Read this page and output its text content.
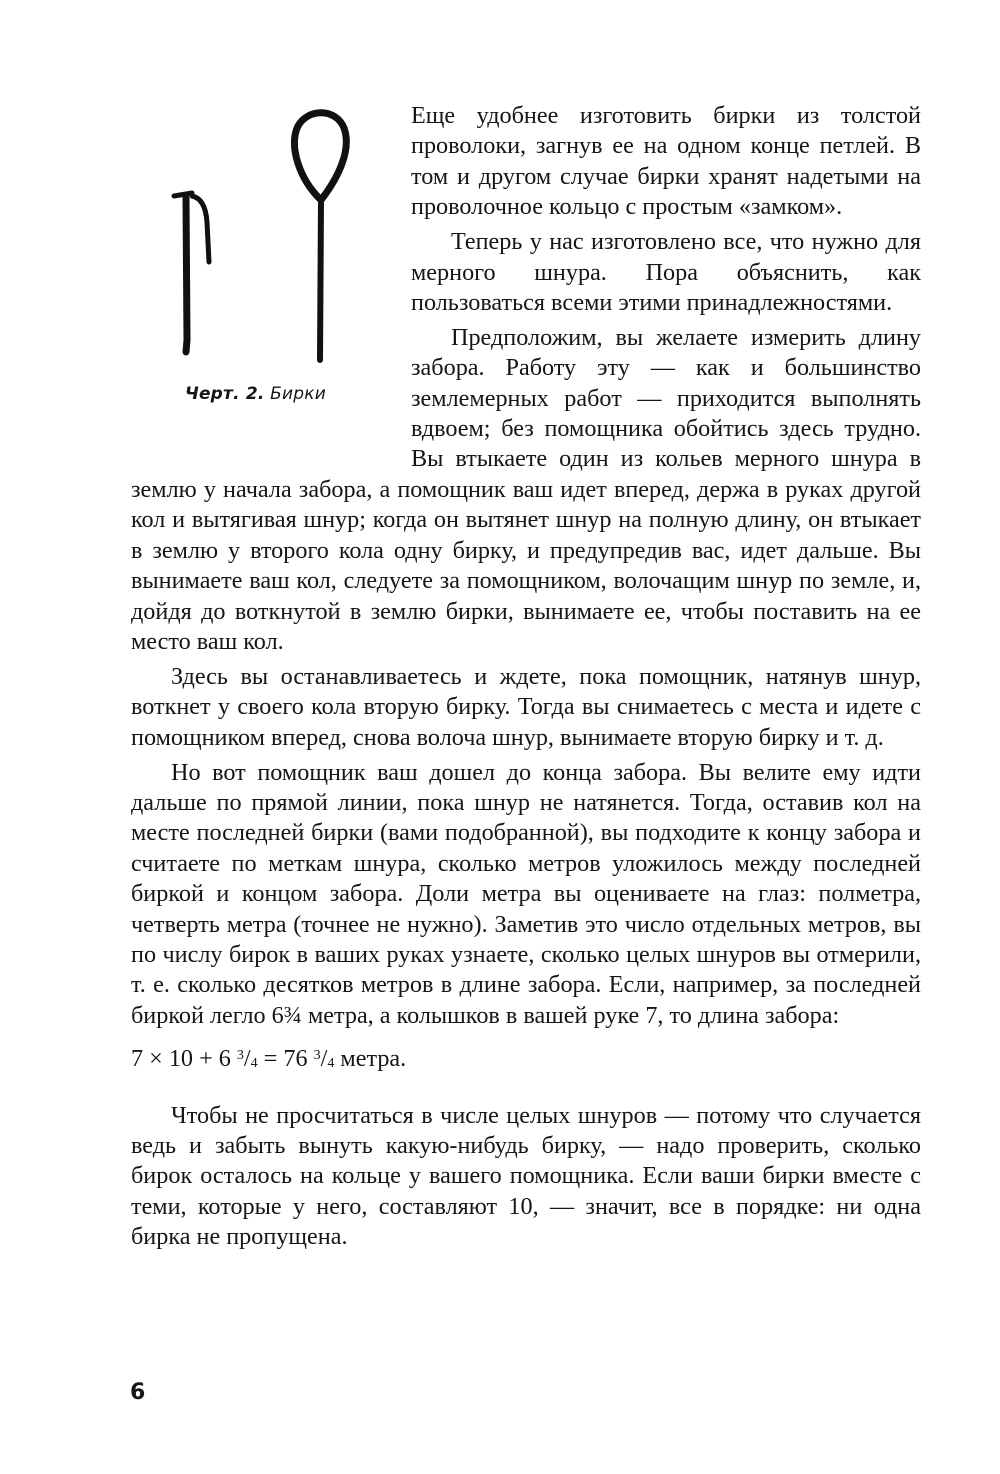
Черт. 2. Бирки

Еще удобнее изготовить бирки из толстой проволоки, загнув ее на одном конце петлей. В том и другом случае бирки хранят надетыми на проволочное кольцо с простым «замком».

Теперь у нас изготовлено все, что нужно для мерного шнура. Пора объяснить, как пользоваться всеми этими принадлежностями.

Предположим, вы желаете измерить длину забора. Работу эту — как и большинство землемерных работ — приходится выполнять вдвоем; без помощника обойтись здесь трудно. Вы втыкаете один из кольев мерного шнура в землю у начала забора, а помощник ваш идет вперед, держа в руках другой кол и вытягивая шнур; когда он вытянет шнур на полную длину, он втыкает в землю у второго кола одну бирку, и предупредив вас, идет дальше. Вы вынимаете ваш кол, следуете за помощником, волочащим шнур по земле, и, дойдя до воткнутой в землю бирки, вынимаете ее, чтобы поставить на ее место ваш кол.

Здесь вы останавливаетесь и ждете, пока помощник, натянув шнур, воткнет у своего кола вторую бирку. Тогда вы снимаетесь с места и идете с помощником вперед, снова волоча шнур, вынимаете вторую бирку и т. д.

Но вот помощник ваш дошел до конца забора. Вы велите ему идти дальше по прямой линии, пока шнур не натянется. Тогда, оставив кол на месте последней бирки (вами подобранной), вы подходите к концу забора и считаете по меткам шнура, сколько метров уложилось между последней биркой и концом забора. Доли метра вы оцениваете на глаз: полметра, четверть метра (точнее не нужно). Заметив это число отдельных метров, вы по числу бирок в ваших руках узнаете, сколько целых шнуров вы отмерили, т. е. сколько десятков метров в длине забора. Если, например, за последней биркой легло 6¾ метра, а колышков в вашей руке 7, то длина забора:

7 × 10 + 6 $^3/_4 = 76$ $^3/_4$ метра.

Чтобы не просчитаться в числе целых шнуров — потому что случается ведь и забыть вынуть какую-нибудь бирку, — надо проверить, сколько бирок осталось на кольце у вашего помощника. Если ваши бирки вместе с теми, которые у него, составляют 10, — значит, все в порядке: ни одна бирка не пропущена.

6
